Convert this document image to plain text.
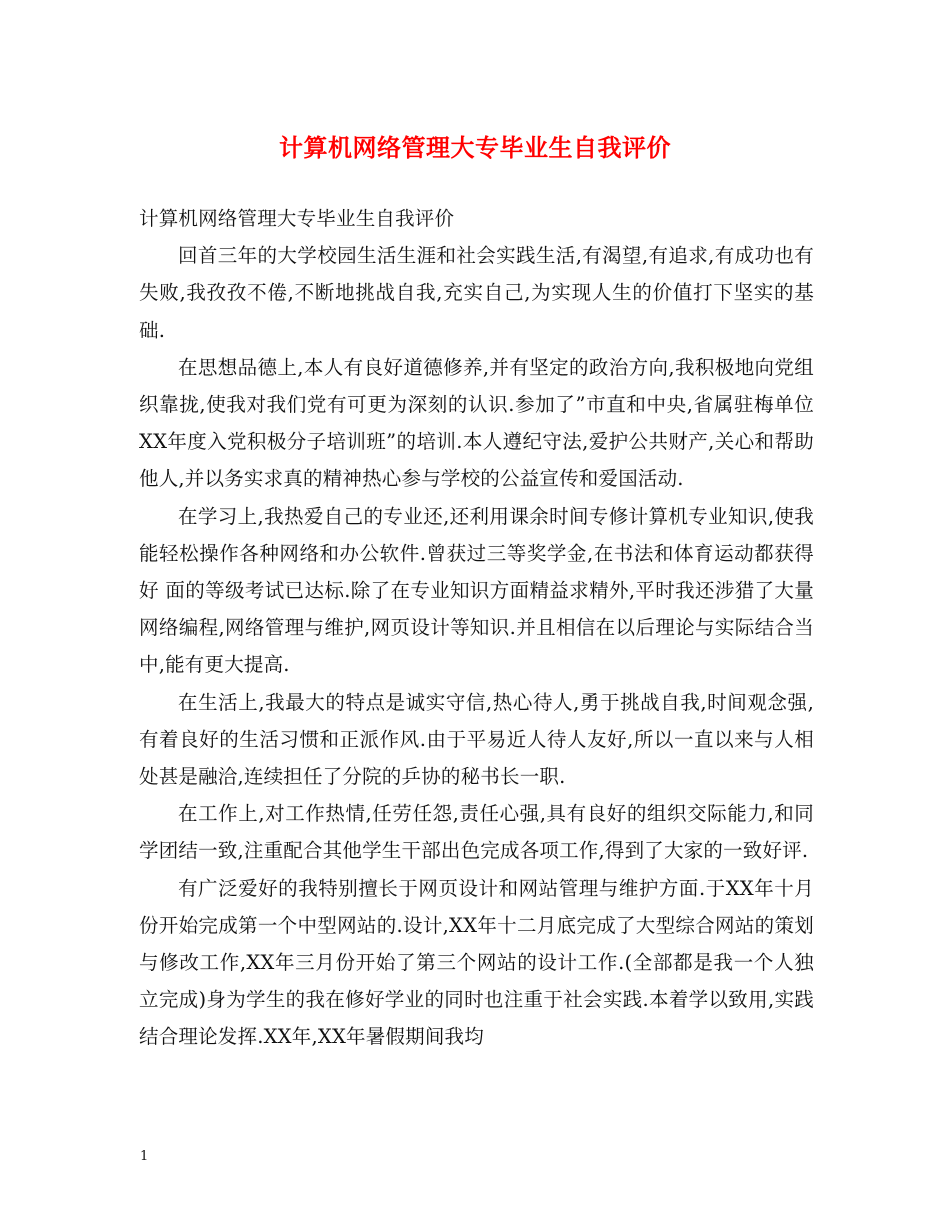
计算机网络管理大专毕业生自我评价

计算机网络管理大专毕业生自我评价

回首三年的大学校园生活生涯和社会实践生活,有渴望,有追求,有成功也有失败,我孜孜不倦,不断地挑战自我,充实自己,为实现人生的价值打下坚实的基础.

在思想品德上,本人有良好道德修养,并有坚定的政治方向,我积极地向党组织靠拢,使我对我们党有可更为深刻的认识.参加了”市直和中央,省属驻梅单位XX年度入党积极分子培训班”的培训.本人遵纪守法,爱护公共财产,关心和帮助他人,并以务实求真的精神热心参与学校的公益宣传和爱国活动.

在学习上,我热爱自己的专业还,还利用课余时间专修计算机专业知识,使我能轻松操作各种网络和办公软件.曾获过三等奖学金,在书法和体育运动都获得好 面的等级考试已达标.除了在专业知识方面精益求精外,平时我还涉猎了大量网络编程,网络管理与维护,网页设计等知识.并且相信在以后理论与实际结合当中,能有更大提高.

在生活上,我最大的特点是诚实守信,热心待人,勇于挑战自我,时间观念强,有着良好的生活习惯和正派作风.由于平易近人待人友好,所以一直以来与人相处甚是融洽,连续担任了分院的乒协的秘书长一职.

在工作上,对工作热情,任劳任怨,责任心强,具有良好的组织交际能力,和同学团结一致,注重配合其他学生干部出色完成各项工作,得到了大家的一致好评.

有广泛爱好的我特别擅长于网页设计和网站管理与维护方面.于XX年十月份开始完成第一个中型网站的.设计,XX年十二月底完成了大型综合网站的策划与修改工作,XX年三月份开始了第三个网站的设计工作.(全部都是我一个人独立完成)身为学生的我在修好学业的同时也注重于社会实践.本着学以致用,实践结合理论发挥.XX年,XX年暑假期间我均

1
